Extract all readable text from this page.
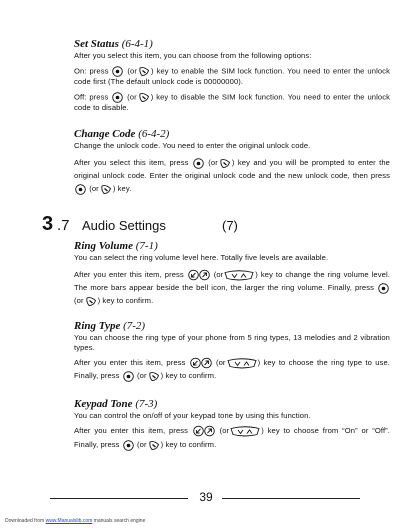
Set Status (6-4-1)

After you select this item, you can choose from the following options:

On: press (or ) key to enable the SIM lock function. You need to enter the unlock code first (The default unlock code is 00000000).

Off: press (or ) key to disable the SIM lock function. You need to enter the unlock code to disable.

Change Code (6-4-2)

Change the unlock code. You need to enter the original unlock code.

After you select this item, press	(or ) key and you will be prompted to enter the original unlock code. Enter the original unlock code and the new unlock code, then press
(or ) key.

3 .7 Audio Settings	(7)

Ring Volume (7-1)

You can select the ring volume level here. Totally five levels are available.

After you enter this item, press	(or	) key to change the ring volume level. The more bars appear beside the bell icon, the larger the ring volume. Finally, press
(or ) key to confirm.

Ring Type (7-2)

You can choose the ring type of your phone from 5 ring types, 13 melodies and 2 vibration types.

After you enter this item, press	(or	) key to choose the ring type to use. Finally, press (or ) key to confirm.

Keypad Tone (7-3)

You can control the on/off of your keypad tone by using this function.

After you enter this item, press	(or	) key to choose from “On” or “Off”. Finally, press (or ) key to confirm.

39
Downloaded from www.Manualslib.com manuals search engine
